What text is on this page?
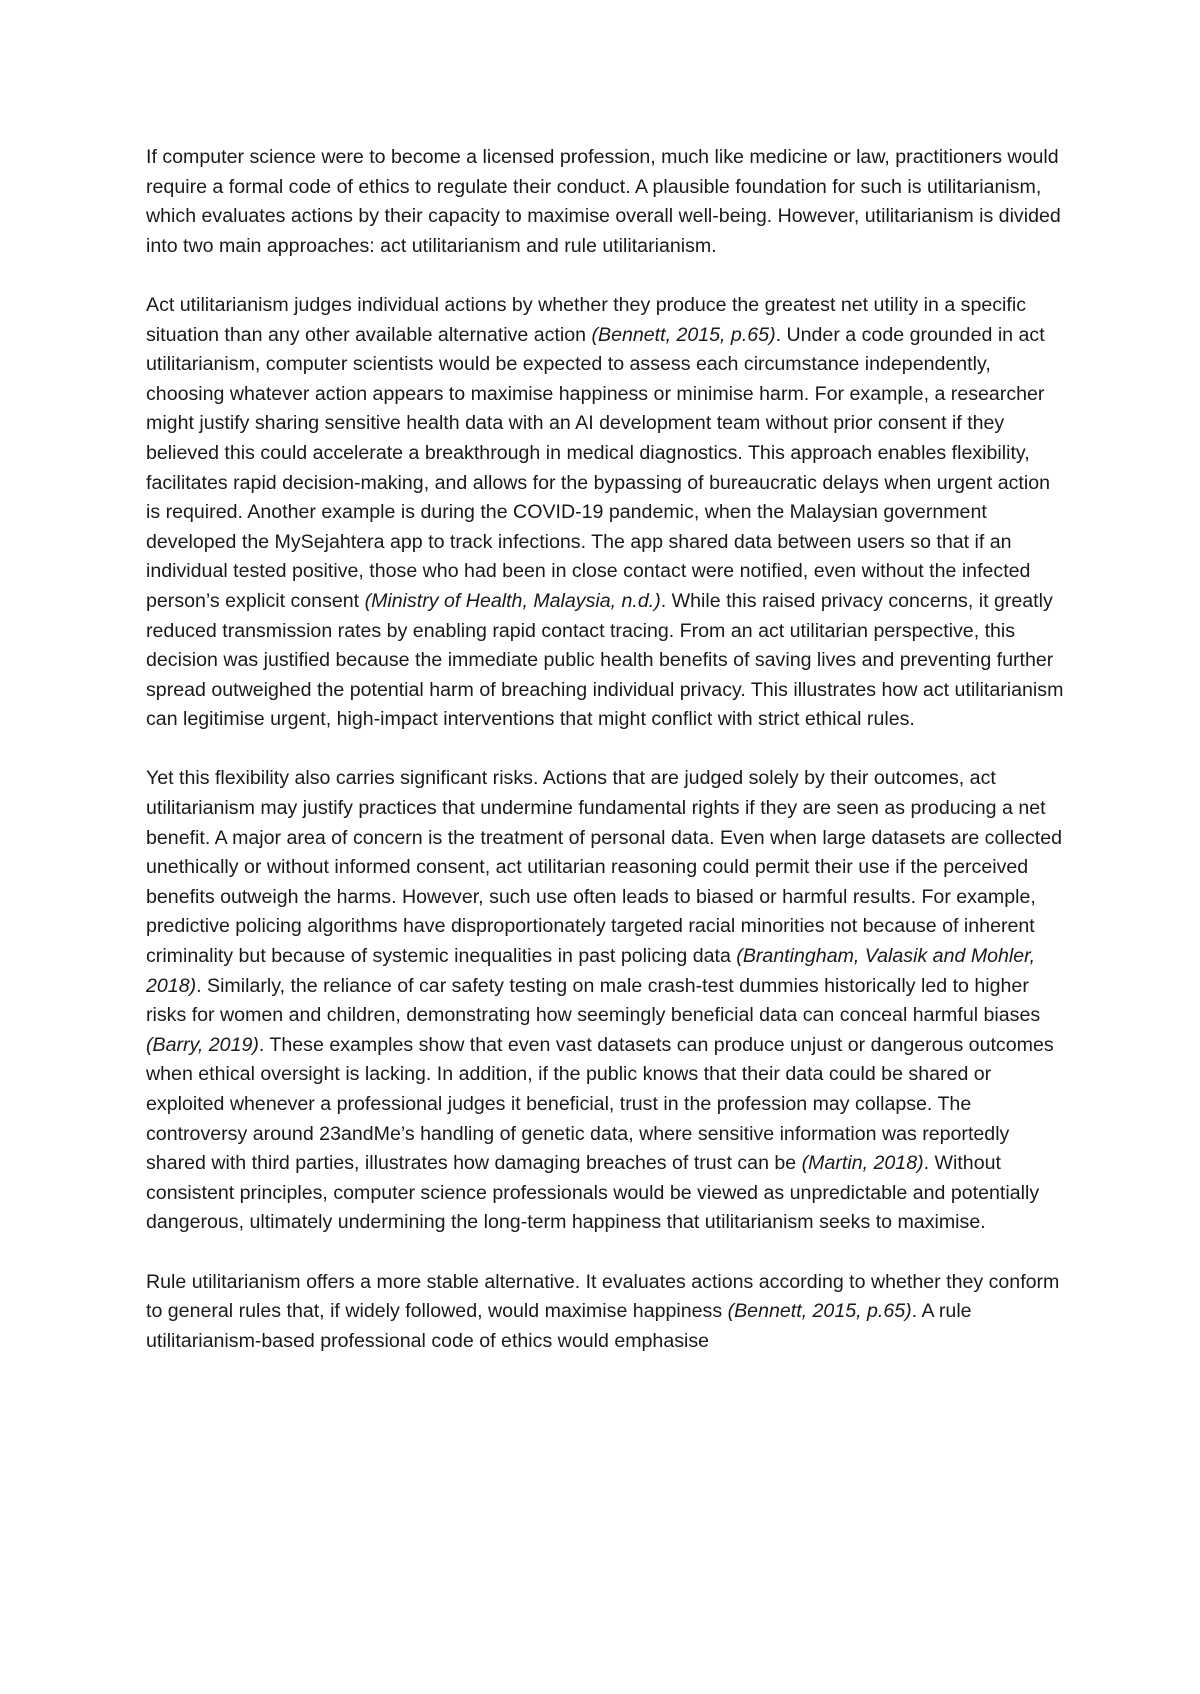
If computer science were to become a licensed profession, much like medicine or law, practitioners would require a formal code of ethics to regulate their conduct. A plausible foundation for such is utilitarianism, which evaluates actions by their capacity to maximise overall well-being. However, utilitarianism is divided into two main approaches: act utilitarianism and rule utilitarianism.

Act utilitarianism judges individual actions by whether they produce the greatest net utility in a specific situation than any other available alternative action (Bennett, 2015, p.65). Under a code grounded in act utilitarianism, computer scientists would be expected to assess each circumstance independently, choosing whatever action appears to maximise happiness or minimise harm. For example, a researcher might justify sharing sensitive health data with an AI development team without prior consent if they believed this could accelerate a breakthrough in medical diagnostics. This approach enables flexibility, facilitates rapid decision-making, and allows for the bypassing of bureaucratic delays when urgent action is required. Another example is during the COVID-19 pandemic, when the Malaysian government developed the MySejahtera app to track infections. The app shared data between users so that if an individual tested positive, those who had been in close contact were notified, even without the infected person’s explicit consent (Ministry of Health, Malaysia, n.d.). While this raised privacy concerns, it greatly reduced transmission rates by enabling rapid contact tracing. From an act utilitarian perspective, this decision was justified because the immediate public health benefits of saving lives and preventing further spread outweighed the potential harm of breaching individual privacy. This illustrates how act utilitarianism can legitimise urgent, high-impact interventions that might conflict with strict ethical rules.

Yet this flexibility also carries significant risks. Actions that are judged solely by their outcomes, act utilitarianism may justify practices that undermine fundamental rights if they are seen as producing a net benefit. A major area of concern is the treatment of personal data. Even when large datasets are collected unethically or without informed consent, act utilitarian reasoning could permit their use if the perceived benefits outweigh the harms. However, such use often leads to biased or harmful results. For example, predictive policing algorithms have disproportionately targeted racial minorities not because of inherent criminality but because of systemic inequalities in past policing data (Brantingham, Valasik and Mohler, 2018). Similarly, the reliance of car safety testing on male crash-test dummies historically led to higher risks for women and children, demonstrating how seemingly beneficial data can conceal harmful biases (Barry, 2019). These examples show that even vast datasets can produce unjust or dangerous outcomes when ethical oversight is lacking. In addition, if the public knows that their data could be shared or exploited whenever a professional judges it beneficial, trust in the profession may collapse. The controversy around 23andMe’s handling of genetic data, where sensitive information was reportedly shared with third parties, illustrates how damaging breaches of trust can be (Martin, 2018). Without consistent principles, computer science professionals would be viewed as unpredictable and potentially dangerous, ultimately undermining the long-term happiness that utilitarianism seeks to maximise.

Rule utilitarianism offers a more stable alternative. It evaluates actions according to whether they conform to general rules that, if widely followed, would maximise happiness (Bennett, 2015, p.65). A rule utilitarianism-based professional code of ethics would emphasise
